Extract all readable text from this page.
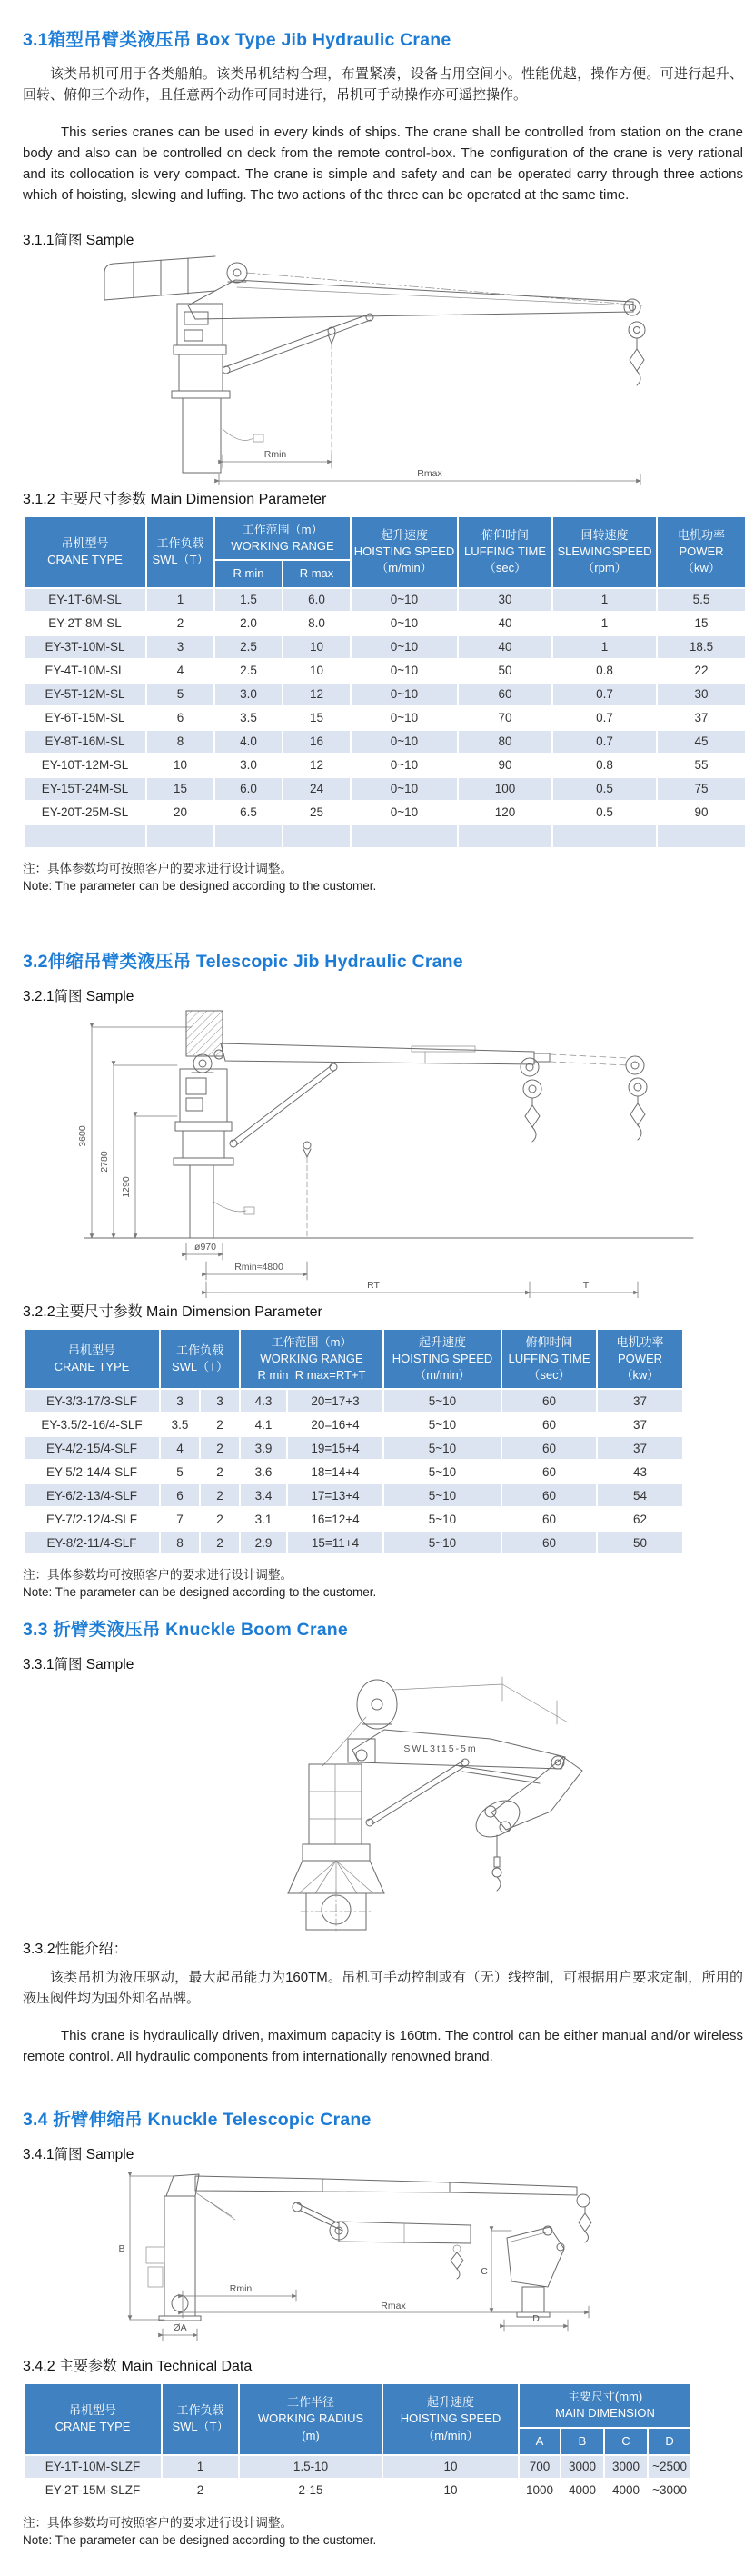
3.1箱型吊臂类液压吊 Box Type Jib Hydraulic Crane

该类吊机可用于各类船舶。该类吊机结构合理，布置紧凑，设备占用空间小。性能优越，操作方便。可进行起升、回转、俯仰三个动作，且任意两个动作可同时进行，吊机可手动操作亦可遥控操作。

This series cranes can be used in every kinds of ships. The crane shall be controlled from station on the crane body and also can be controlled on deck from the remote control-box. The configuration of the crane is very rational and its collocation is very compact. The crane is simple and safety and can be operated carry through three actions which of hoisting, slewing and luffing. The two actions of the three can be operated at the same time.

3.1.1简图 Sample
Rmin
Rmax
3.1.2 主要尺寸参数 Main Dimension Parameter
吊机型号
CRANE TYPE	工作负载
SWL（T）	工作范围（m）
WORKING RANGE		起升速度
HOISTING SPEED
（m/min）	俯仰时间
LUFFING TIME
（sec）	回转速度
SLEWINGSPEED
（rpm）	电机功率
POWER
（kw）
		R min	R max				
EY-1T-6M-SL	1	1.5	6.0	0~10	30	1	5.5
EY-2T-8M-SL	2	2.0	8.0	0~10	40	1	15
EY-3T-10M-SL	3	2.5	10	0~10	40	1	18.5
EY-4T-10M-SL	4	2.5	10	0~10	50	0.8	22
EY-5T-12M-SL	5	3.0	12	0~10	60	0.7	30
EY-6T-15M-SL	6	3.5	15	0~10	70	0.7	37
EY-8T-16M-SL	8	4.0	16	0~10	80	0.7	45
EY-10T-12M-SL	10	3.0	12	0~10	90	0.8	55
EY-15T-24M-SL	15	6.0	24	0~10	100	0.5	75
EY-20T-25M-SL	20	6.5	25	0~10	120	0.5	90

注：具体参数均可按照客户的要求进行设计调整。
Note: The parameter can be designed according to the customer.
3.2伸缩吊臂类液压吊 Telescopic Jib Hydraulic Crane
3.2.1简图 Sample
3600
2780
1290
ø970
Rmin≈4800
RT	T
3.2.2主要尺寸参数 Main Dimension Parameter
吊机型号
CRANE TYPE	工作负载
SWL（T）		工作范围（m）
WORKING RANGE
R min R max=RT+T		起升速度
HOISTING SPEED
（m/min）	俯仰时间
LUFFING TIME
（sec）	电机功率
POWER
（kw）
EY-3/3-17/3-SLF	3	3	4.3	20=17+3	5~10	60	37
EY-3.5/2-16/4-SLF	3.5	2	4.1	20=16+4	5~10	60	37
EY-4/2-15/4-SLF	4	2	3.9	19=15+4	5~10	60	37
EY-5/2-14/4-SLF	5	2	3.6	18=14+4	5~10	60	43
EY-6/2-13/4-SLF	6	2	3.4	17=13+4	5~10	60	54
EY-7/2-12/4-SLF	7	2	3.1	16=12+4	5~10	60	62
EY-8/2-11/4-SLF	8	2	2.9	15=11+4	5~10	60	50
注：具体参数均可按照客户的要求进行设计调整。
Note: The parameter can be designed according to the customer.
3.3 折臂类液压吊 Knuckle Boom Crane
3.3.1简图 Sample
SWL3t15-5m
3.3.2性能介绍：

该类吊机为液压驱动，最大起吊能力为160TM。吊机可手动控制或有（无）线控制，可根据用户要求定制，所用的液压阀件均为国外知名品牌。

This crane is hydraulically driven, maximum capacity is 160tm. The control can be either manual and/or wireless remote control. All hydraulic components from internationally renowned brand.

3.4 折臂伸缩吊 Knuckle Telescopic Crane
3.4.1简图 Sample
B
C
D
Rmin
Rmax
ØA
3.4.2 主要参数 Main Technical Data
吊机型号
CRANE TYPE	工作负载
SWL（T）	工作半径
WORKING RADIUS
(m)	起升速度
HOISTING SPEED
（m/min）	主要尺寸(mm)
MAIN DIMENSION			
				A	B	C	D
EY-1T-10M-SLZF	1	1.5-10	10	700	3000	3000	~2500
EY-2T-15M-SLZF	2	2-15	10	1000	4000	4000	~3000
注：具体参数均可按照客户的要求进行设计调整。
Note: The parameter can be designed according to the customer.
